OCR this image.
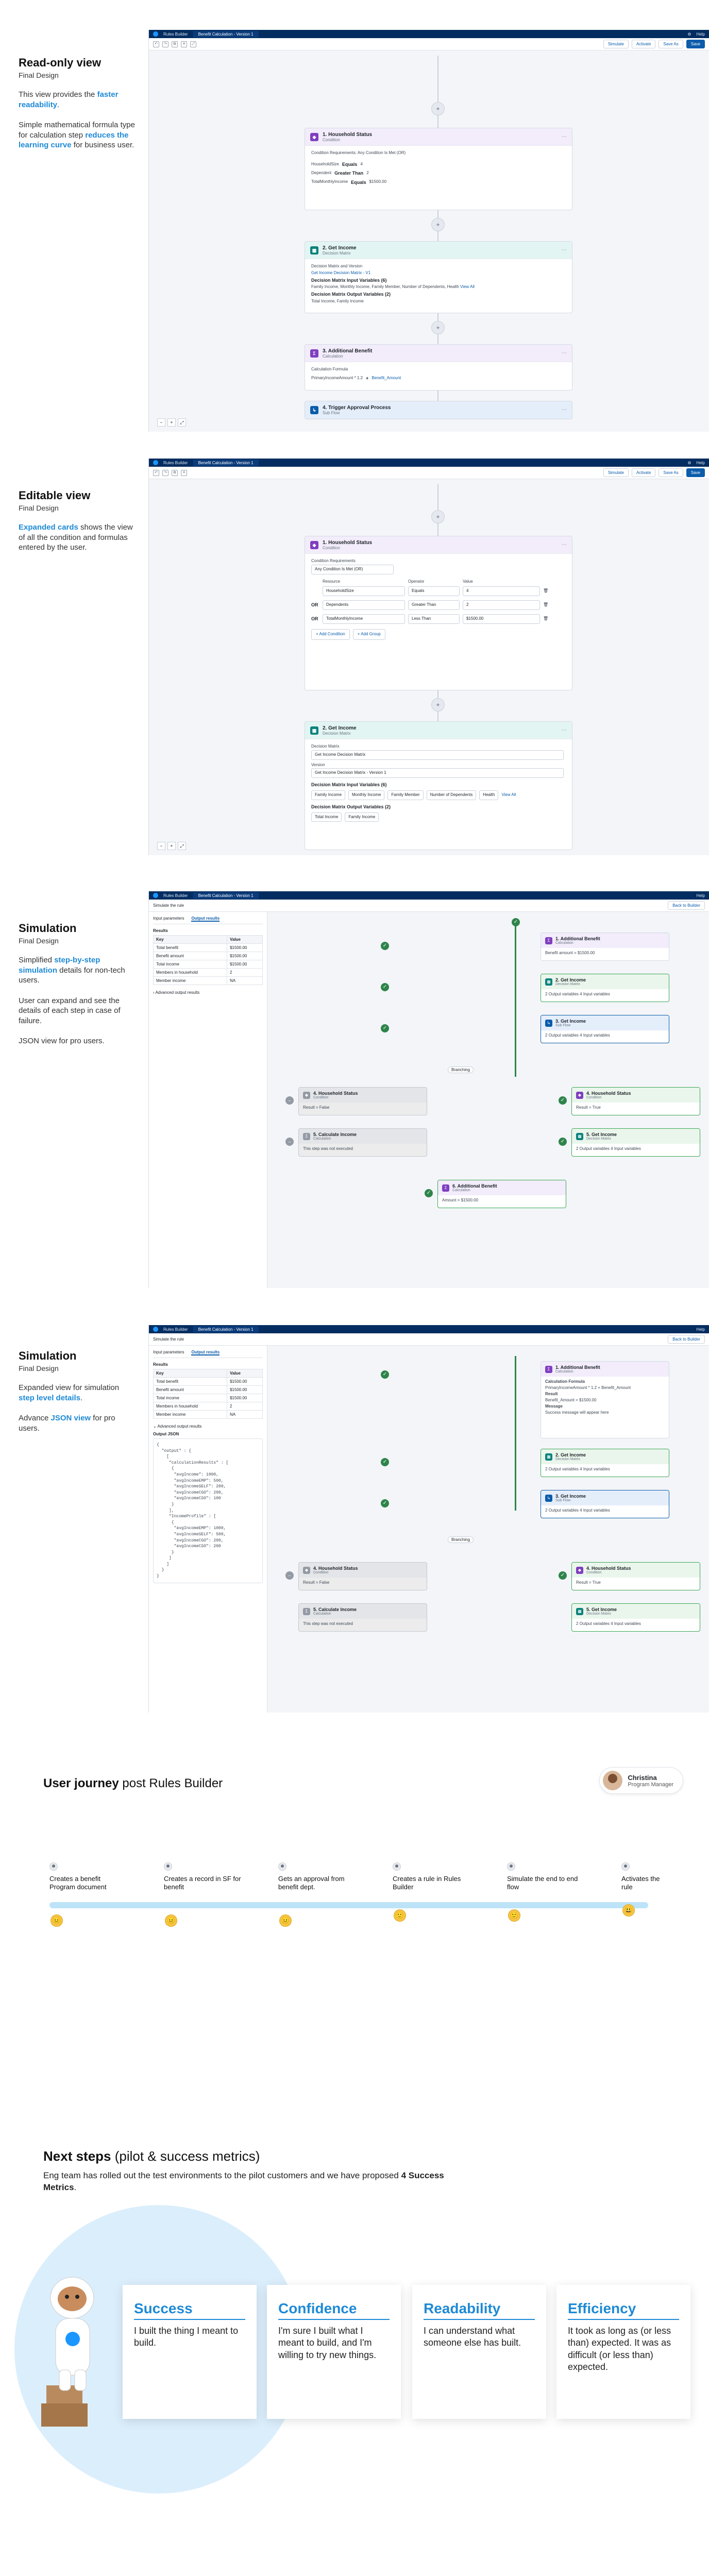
Read-only view
Final Design

This view provides the faster readability.

Simple mathematical formula type for calculation step reduces the learning curve for business user.

Rules Builder	Benefit Calculation - Version 1	⚙ Help
↶	↷	⧉	✕	⤢	Simulate	Activate	Save As	Save
+
◆	1. Household Status
Condition	⋯
Condition Requirements: Any Condition Is Met (OR)
HouseholdSize Equals 4
Dependent Greater Than 2
TotalMonthlyIncome Equals $1500.00
+
▦	2. Get Income
Decision Matrix	⋯
Decision Matrix and Version
Get Income Decision Matrix - V1
Decision Matrix Input Variables (6)
Family Income, Monthly Income, Family Member, Number of Dependents, Health View All
Decision Matrix Output Variables (2)
Total Income, Family Income
+
Σ	3. Additional Benefit
Calculation	⋯
Calculation Formula
PrimaryIncomeAmount * 1.2 + Benefit_Amount
↳	4. Trigger Approval Process
Sub Flow	⋯
−	+	⤢
Editable view
Final Design

Expanded cards shows the view of all the condition and formulas entered by the user.

Rules Builder	Benefit Calculation - Version 1	⚙ Help
↶	↷	⧉	✕	Simulate	Activate	Save As	Save
+
◆	1. Household Status
Condition	⋯
Condition Requirements
Any Condition Is Met (OR)
Resource	Operator	Value
HouseholdSize	Equals	4	🗑
OR	Dependents	Greater Than	2	🗑
OR	TotalMonthlyIncome	Less Than	$1500.00	🗑
+ Add Condition	+ Add Group
+
▦	2. Get Income
Decision Matrix	⋯
Decision Matrix
Get Income Decision Matrix
Version
Get Income Decision Matrix - Version 1
Decision Matrix Input Variables (6)
Family Income	Monthly Income	Family Member	Number of Dependents	Health	View All
Decision Matrix Output Variables (2)
Total Income	Family Income
−	+	⤢
Simulation
Final Design

Simplified step-by-step simulation details for non-tech users.

User can expand and see the details of each step in case of failure.

JSON view for pro users.

Rules Builder	Benefit Calculation - Version 1	Help
Simulate the rule	Back to Builder
Input parameters Output results
Results
Key	Value
Total benefit	$1500.00
Benefit amount	$1500.00
Total income	$1500.00
Members in household	2
Member income	NA
› Advanced output results
✓
Σ	1. Additional Benefit
Calculation
Benefit amount = $1500.00
✓
▦	2. Get Income
Decision Matrix
2 Output variables 4 Input variables
✓
↳	3. Get Income
Sub Flow
2 Output variables 4 Input variables
✓
Branching
◆	4. Household Status
Condition
Result = False
–
◆	4. Household Status
Condition
Result = True
✓
Σ	5. Calculate Income
Calculation
This step was not executed
–
▦	5. Get Income
Decision Matrix
2 Output variables 4 Input variables
✓
Σ	6. Additional Benefit
Calculation
Amount = $1500.00
✓
Simulation
Final Design

Expanded view for simulation step level details.

Advance JSON view for pro users.

Rules Builder	Benefit Calculation - Version 1	Help
Simulate the rule	Back to Builder
Input parameters Output results
Results
Key	Value
Total benefit	$1500.00
Benefit amount	$1500.00
Total income	$1500.00
Members in household	2
Member income	NA
⌄ Advanced output results
Output JSON
{
"output" : {
[
"calculationResults" : [
{
"avgIncome": 1000,
"avgIncomeEMP": 500,
"avgIncomeSELF": 200,
"avgIncomeCGO": 200,
"avgIncomeCSO": 100
}
],
"IncomeProfile" : [
{
"avgIncomeEMP": 1000,
"avgIncomeSELF": 500,
"avgIncomeCGO": 200,
"avgIncomeCSO": 200
}
]
]
}
}
Σ	1. Additional Benefit
Calculation
Calculation Formula
PrimaryIncomeAmount * 1.2 + Benefit_Amount
Result
Benefit_Amount = $1500.00
Message
Success message will appear here
✓
▦	2. Get Income
Decision Matrix
2 Output variables 4 Input variables
✓
↳	3. Get Income
Sub Flow
2 Output variables 4 Input variables
✓
Branching
◆	4. Household Status
Condition
Result = False
–
◆	4. Household Status
Condition
Result = True
✓
Σ	5. Calculate Income
Calculation
This step was not executed
▦	5. Get Income
Decision Matrix
2 Output variables 4 Input variables
User journey post Rules Builder	Christina
Program Manager
Creates a benefit Program document
Creates a record in SF for benefit
Gets an approval from benefit dept.
Creates a rule in Rules Builder
Simulate the end to end flow
Activates the rule
😐	😐	😐
🙂	🙂
😃
Next steps (pilot & success metrics)
Eng team has rolled out the test environments to the pilot customers and we have proposed 4 Success Metrics.
Success

I built the thing I meant to build.

Confidence

I'm sure I built what I meant to build, and I'm willing to try new things.

Readability

I can understand what someone else has built.

Efficiency

It took as long as (or less than) expected. It was as difficult (or less than) expected.
